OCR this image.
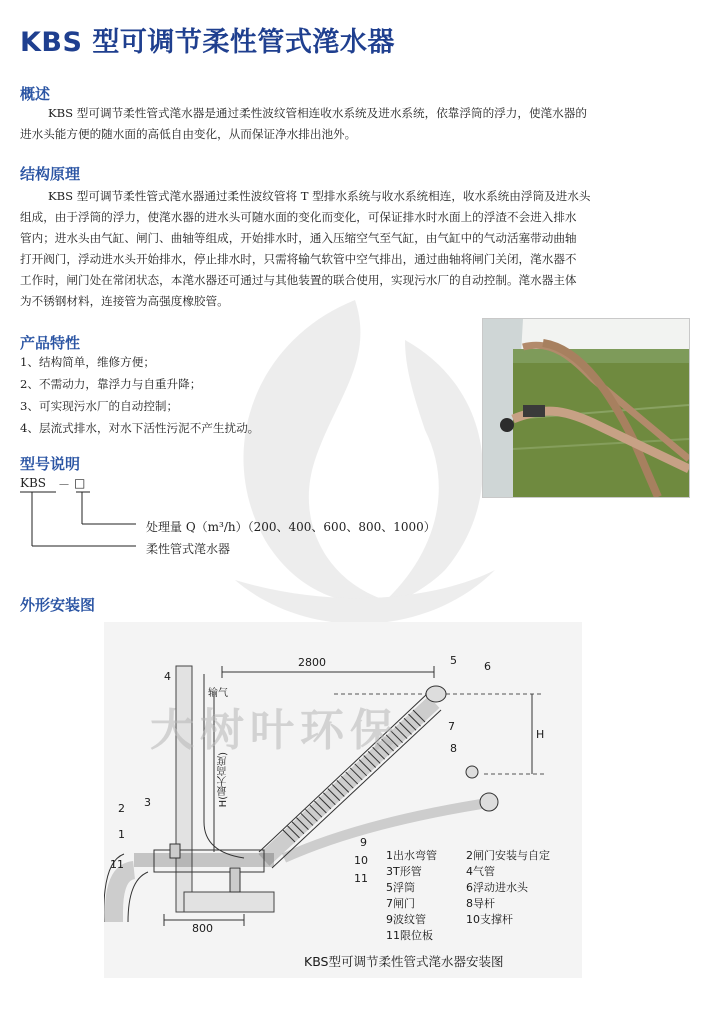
KBS 型可调节柔性管式滗水器
概述
KBS 型可调节柔性管式滗水器是通过柔性波纹管相连收水系统及进水系统，依靠浮筒的浮力，使滗水器的
进水头能方便的随水面的高低自由变化，从而保证净水排出池外。
结构原理
KBS 型可调节柔性管式滗水器通过柔性波纹管将 T 型排水系统与收水系统相连，收水系统由浮筒及进水头
组成，由于浮筒的浮力，使滗水器的进水头可随水面的变化而变化，可保证排水时水面上的浮渣不会进入排水
管内；进水头由气缸、闸门、曲轴等组成，开始排水时，通入压缩空气至气缸，由气缸中的气动活塞带动曲轴
打开阀门，浮动进水头开始排水，停止排水时，只需将输气软管中空气排出，通过曲轴将闸门关闭，滗水器不
工作时，闸门处在常闭状态，本滗水器还可通过与其他装置的联合使用，实现污水厂的自动控制。滗水器主体
为不锈钢材料，连接管为高强度橡胶管。
产品特性
1、结构简单，维修方便；
2、不需动力，靠浮力与自重升降；
3、可实现污水厂的自动控制；
4、层流式排水，对水下活性污泥不产生扰动。
型号说明
KBS － □
处理量 Q（m³/h）（200、400、600、800、1000）
柔性管式滗水器
外形安装图
大树叶环保
2800
800
输气
H(最大高度)
H
1
2 3
4
5 6
7
8
9
10
11
11
1出水弯管	2闸门安装与自定
3T形管	4气管
5浮筒	6浮动进水头
7闸门	8导杆
9波纹管	10支撑杆
11限位板
KBS型可调节柔性管式滗水器安装图
